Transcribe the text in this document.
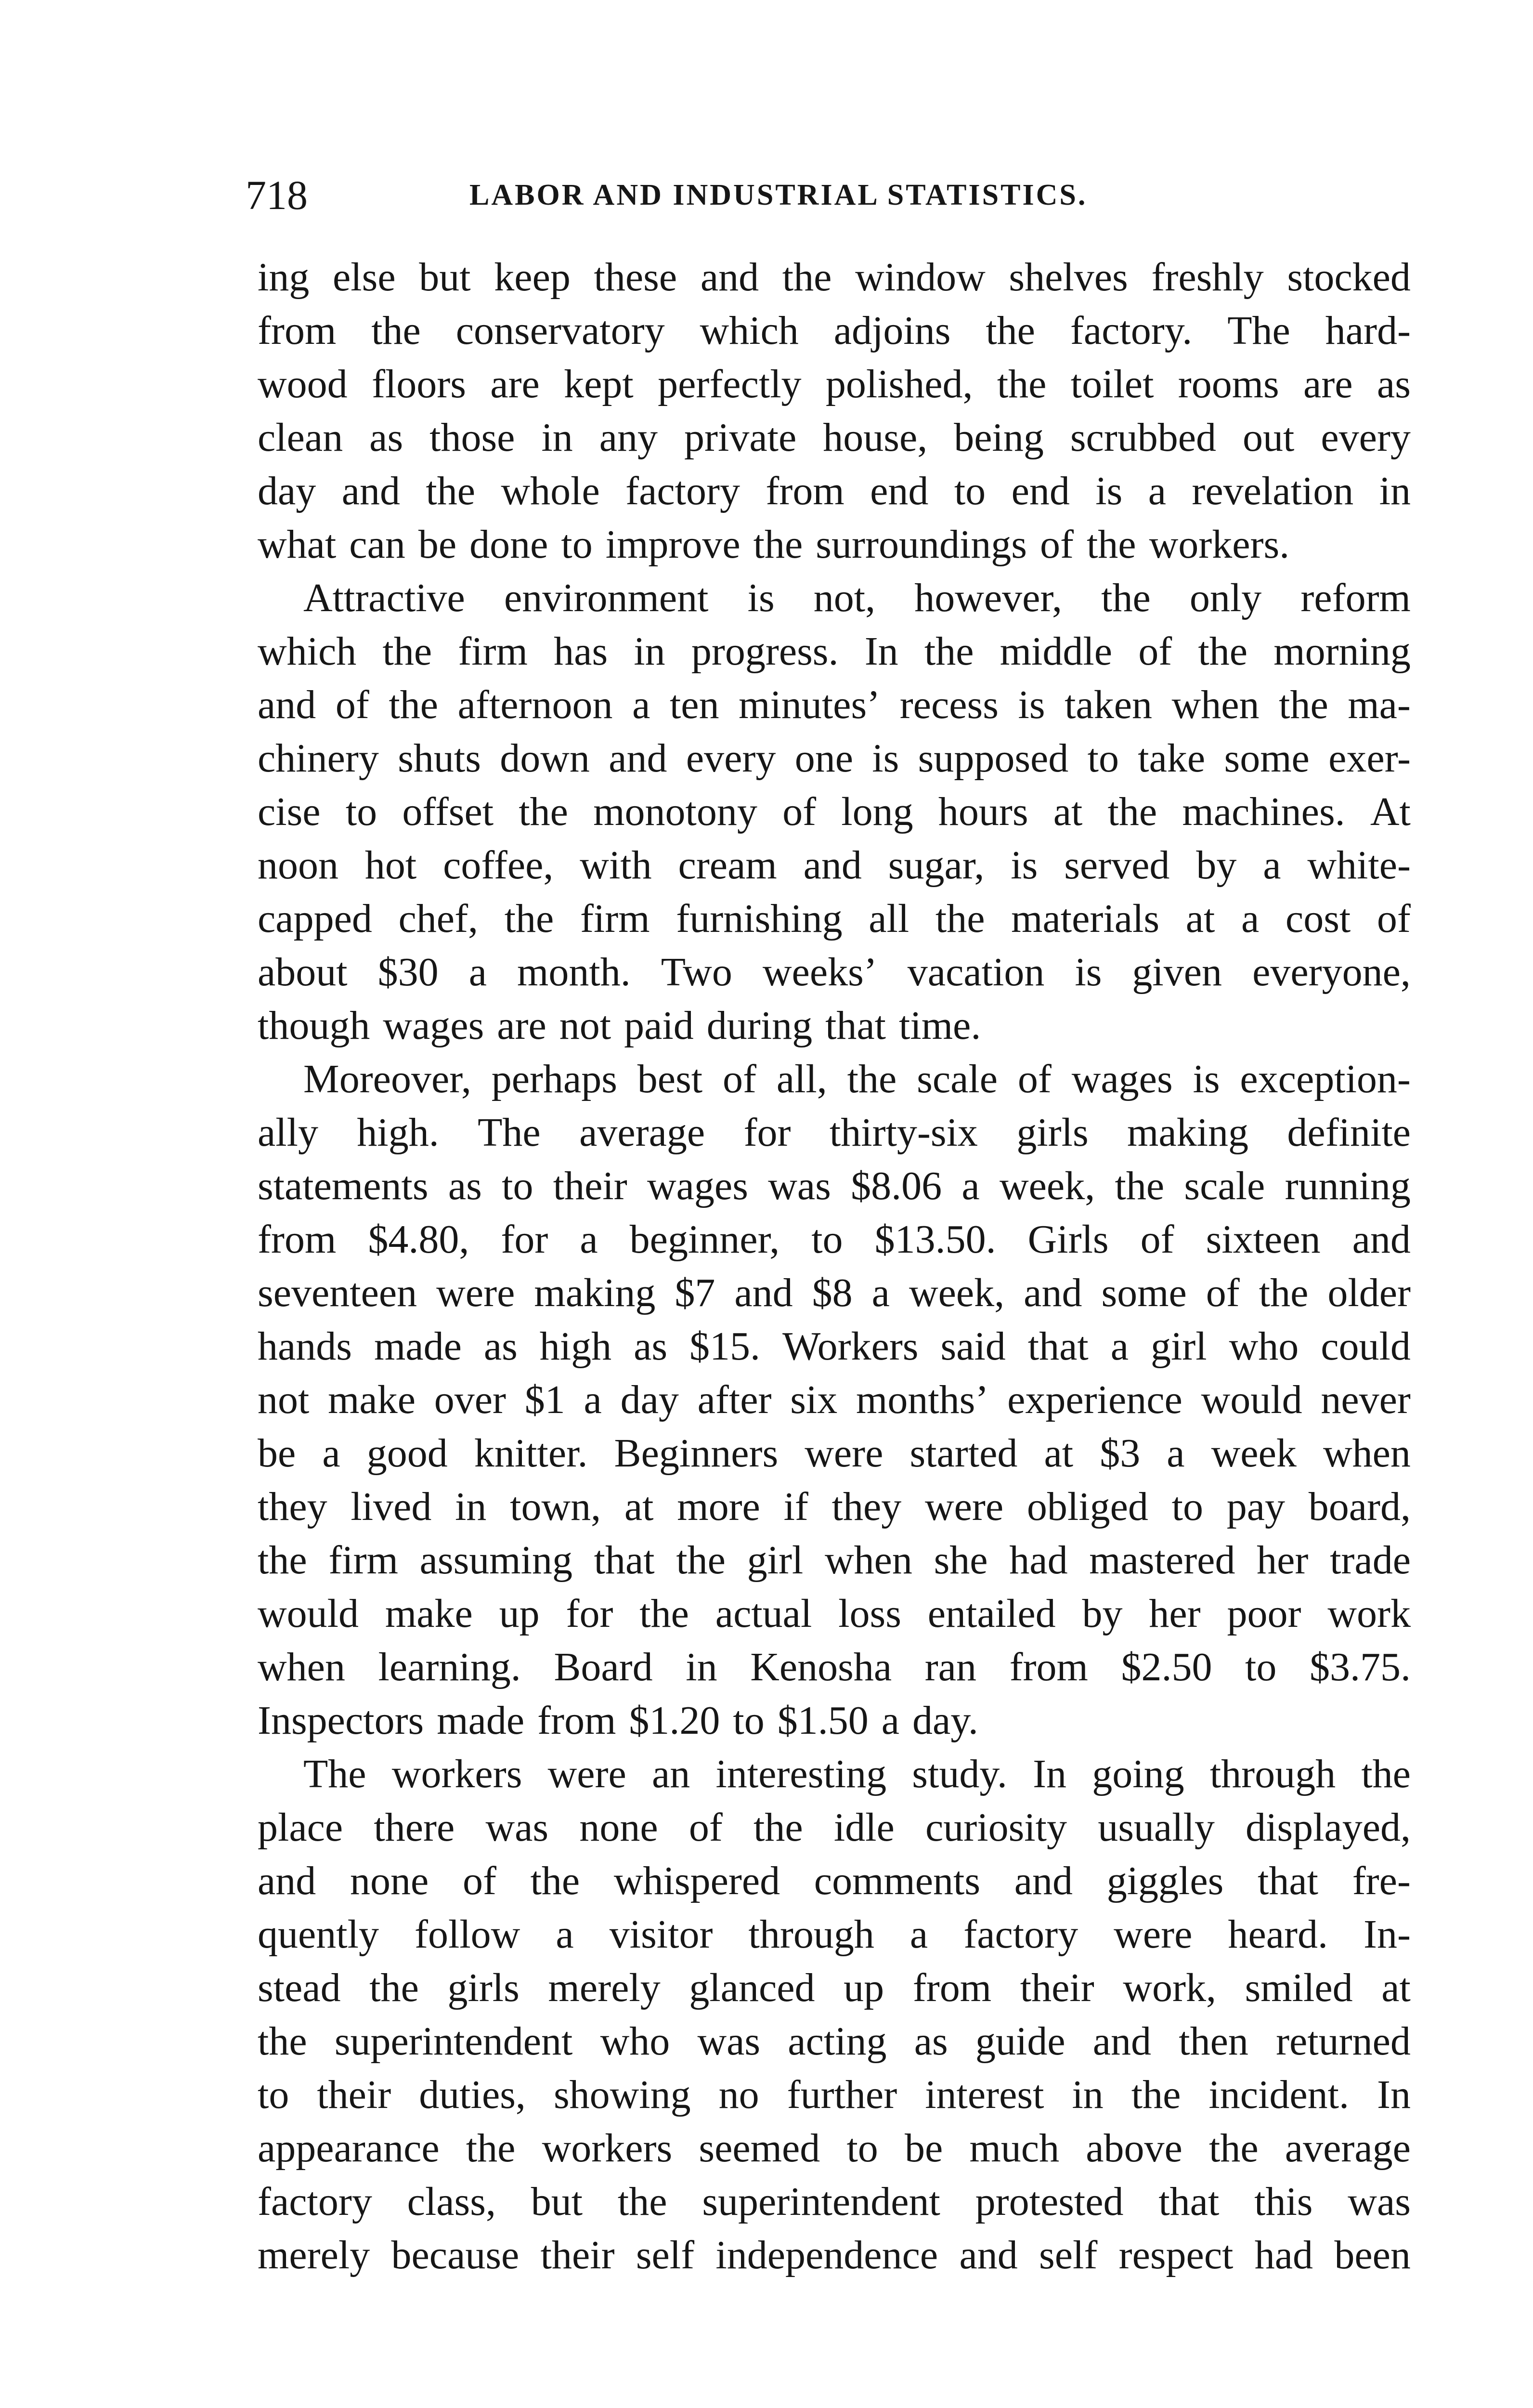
718	LABOR AND INDUSTRIAL STATISTICS.
ing else but keep these and the window shelves freshly stocked
from the conservatory which adjoins the factory. The hard-
wood floors are kept perfectly polished, the toilet rooms are as
clean as those in any private house, being scrubbed out every
day and the whole factory from end to end is a revelation in
what can be done to improve the surroundings of the workers.
Attractive environment is not, however, the only reform
which the firm has in progress. In the middle of the morning
and of the afternoon a ten minutes’ recess is taken when the ma-
chinery shuts down and every one is supposed to take some exer-
cise to offset the monotony of long hours at the machines. At
noon hot coffee, with cream and sugar, is served by a white-
capped chef, the firm furnishing all the materials at a cost of
about $30 a month. Two weeks’ vacation is given everyone,
though wages are not paid during that time.
Moreover, perhaps best of all, the scale of wages is exception-
ally high. The average for thirty-six girls making definite
statements as to their wages was $8.06 a week, the scale running
from $4.80, for a beginner, to $13.50. Girls of sixteen and
seventeen were making $7 and $8 a week, and some of the older
hands made as high as $15. Workers said that a girl who could
not make over $1 a day after six months’ experience would never
be a good knitter. Beginners were started at $3 a week when
they lived in town, at more if they were obliged to pay board,
the firm assuming that the girl when she had mastered her trade
would make up for the actual loss entailed by her poor work
when learning. Board in Kenosha ran from $2.50 to $3.75.
Inspectors made from $1.20 to $1.50 a day.
The workers were an interesting study. In going through the
place there was none of the idle curiosity usually displayed,
and none of the whispered comments and giggles that fre-
quently follow a visitor through a factory were heard. In-
stead the girls merely glanced up from their work, smiled at
the superintendent who was acting as guide and then returned
to their duties, showing no further interest in the incident. In
appearance the workers seemed to be much above the average
factory class, but the superintendent protested that this was
merely because their self independence and self respect had been
